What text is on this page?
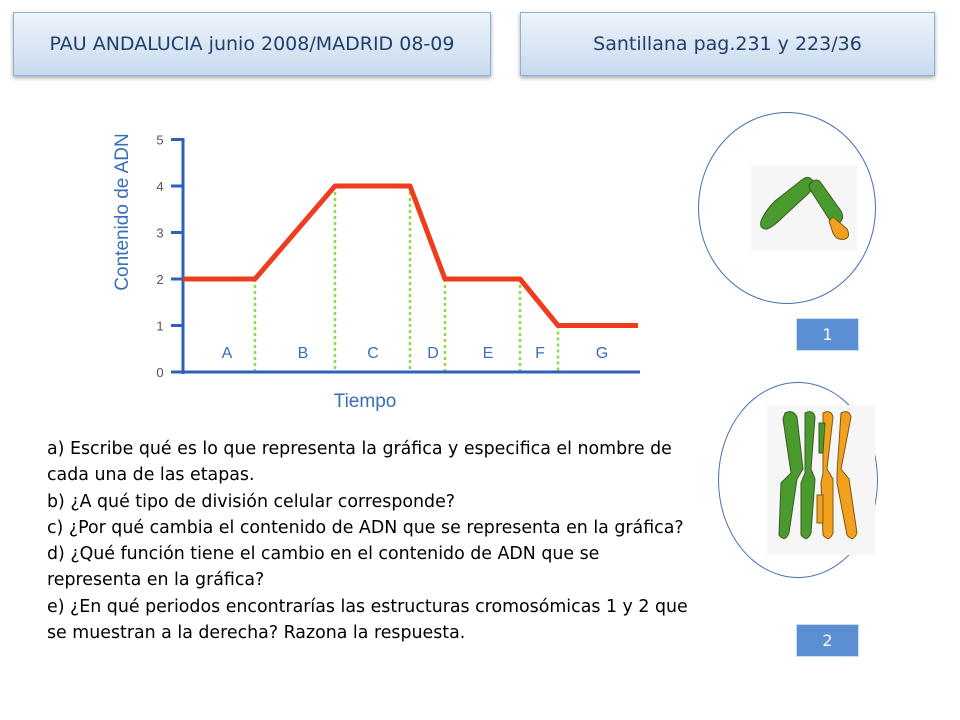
PAU ANDALUCIA junio 2008/MADRID 08-09	Santillana pag.231 y 223/36
0
1
2
3
4
5
A	B	C	D	E	F	G
Tiempo
Contenido de ADN
1
2

a) Escribe qué es lo que representa la gráfica y especifica el nombre de cada una de las etapas.

b) ¿A qué tipo de división celular corresponde?

c) ¿Por qué cambia el contenido de ADN que se representa en la gráfica?

d) ¿Qué función tiene el cambio en el contenido de ADN que se representa en la gráfica?

e) ¿En qué periodos encontrarías las estructuras cromosómicas 1 y 2 que se muestran a la derecha? Razona la respuesta.
